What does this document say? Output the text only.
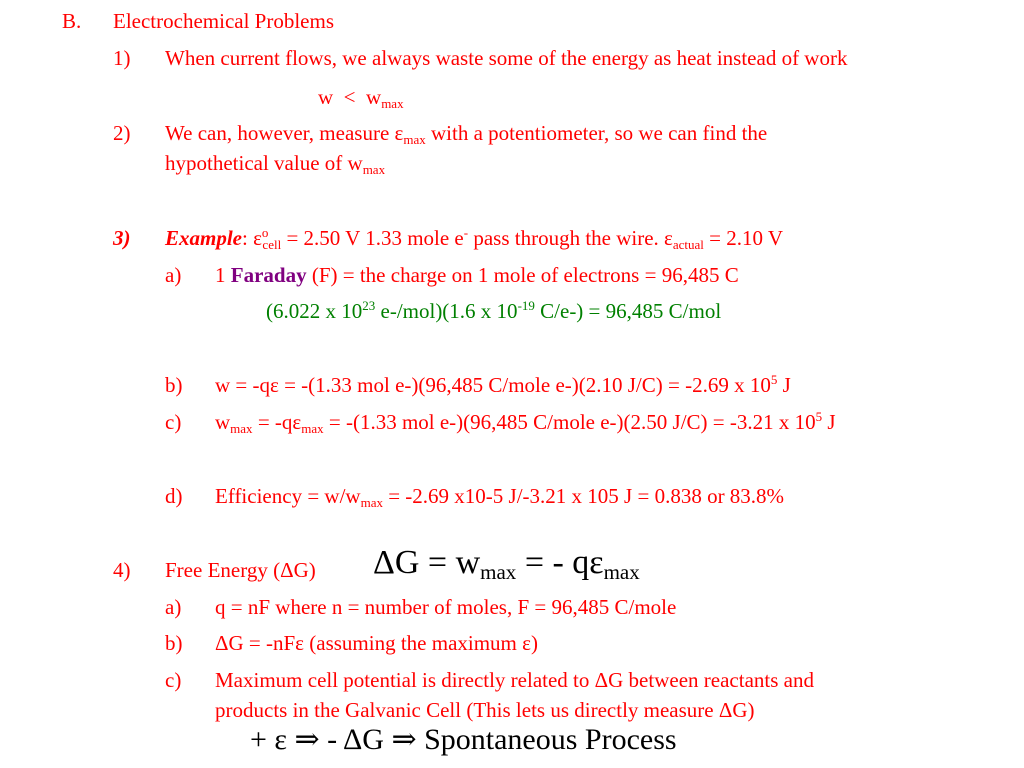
B. Electrochemical Problems
1) When current flows, we always waste some of the energy as heat instead of work
$w < w_{max}$
2) We can, however, measure $\varepsilon_{max}$ with a potentiometer, so we can find the
hypothetical value of $w_{max}$
3) Example: $\varepsilon^o_{cell} = 2.50$ V 1.33 mole e- pass through the wire. $\varepsilon_{actual} = 2.10$ V
a) 1 Faraday (F) = the charge on 1 mole of electrons = 96,485 C
(6.022 x $10^{23}$ e-/mol)(1.6 x $10^{-19}$ C/e-) = 96,485 C/mol
b) w = -qε = -(1.33 mol e-)(96,485 C/mole e-)(2.10 J/C) = -2.69 x $10^5$ J
c) $w_{max} = -q\varepsilon_{max} = -(1.33$ mol e-)(96,485 C/mole e-)(2.50 J/C) = -3.21 x $10^5$ J
d) Efficiency = $w/w_{max} = -2.69$ x10-5 J/-3.21 x 105 J = 0.838 or 83.8%
4) Free Energy (ΔG) ΔG = wmax = - qεmax
a) q = nF where n = number of moles, F = 96,485 C/mole
b) ΔG = -nFε (assuming the maximum ε)
c) Maximum cell potential is directly related to ΔG between reactants and
products in the Galvanic Cell (This lets us directly measure ΔG)
+ ε ⇒ - ΔG ⇒ Spontaneous Process
